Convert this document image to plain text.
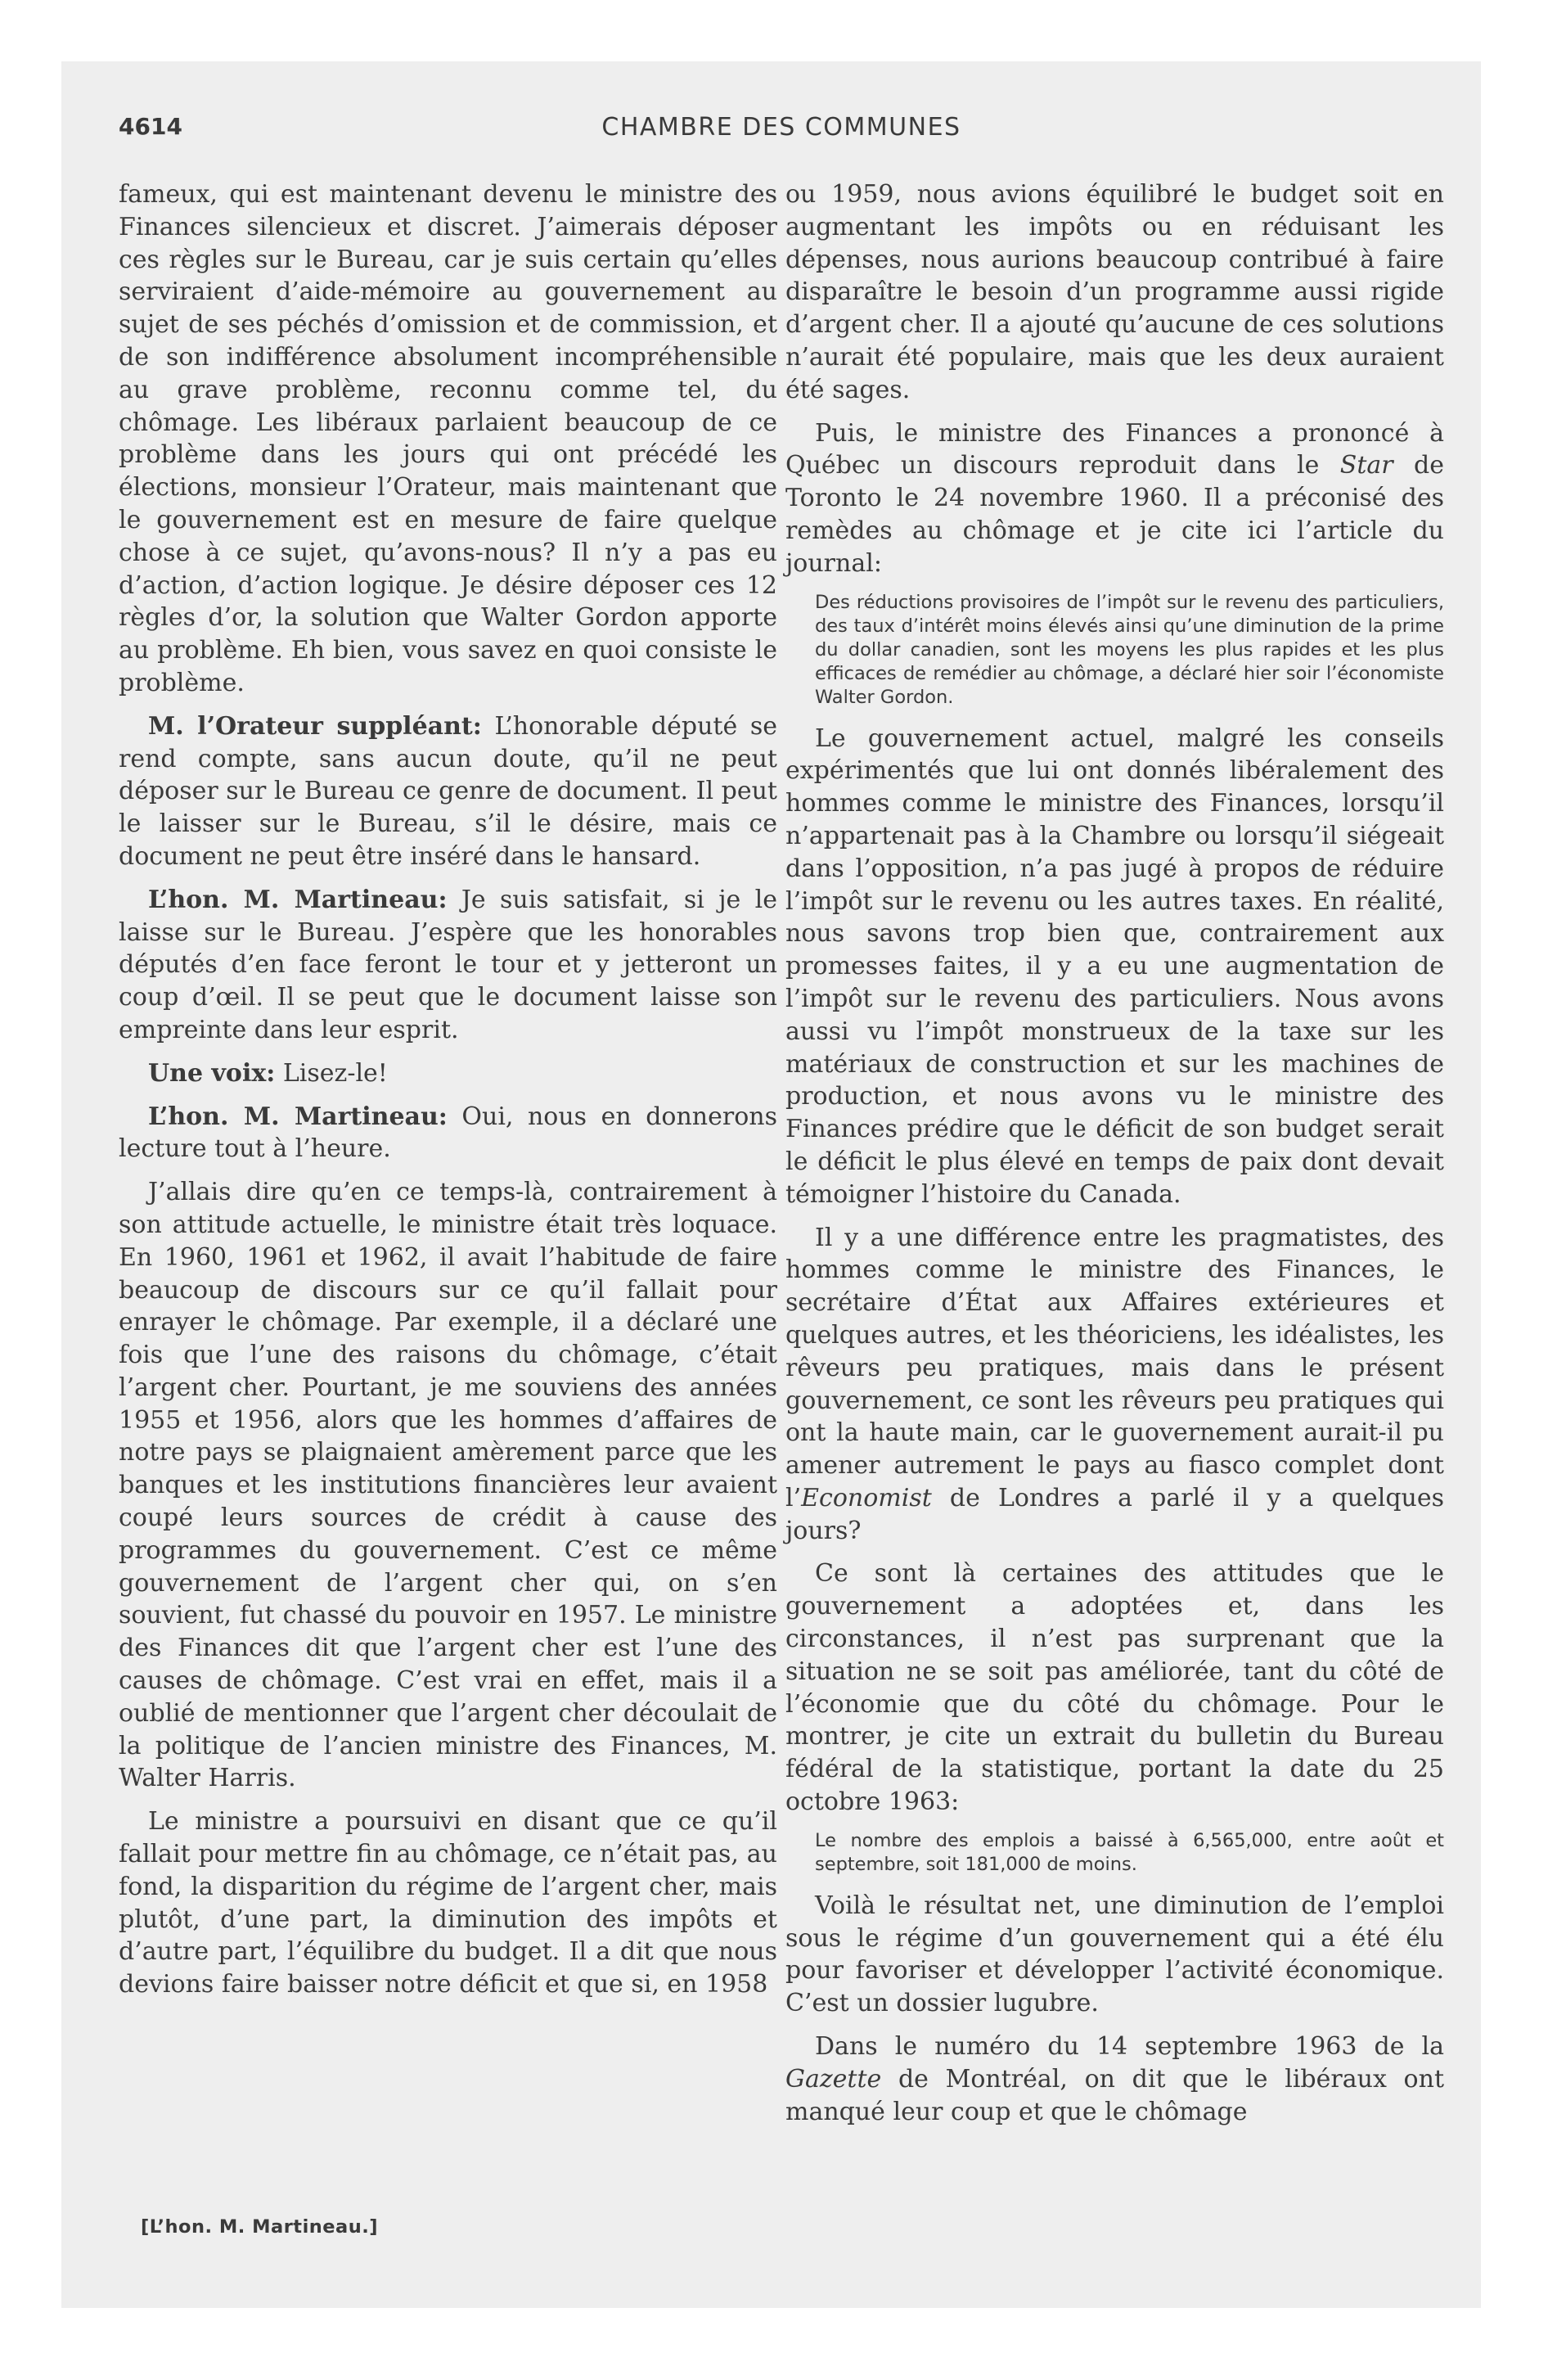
4614	CHAMBRE DES COMMUNES

fameux, qui est maintenant devenu le ministre des Finances silencieux et discret. J’aimerais déposer ces règles sur le Bureau, car je suis certain qu’elles serviraient d’aide-mémoire au gouvernement au sujet de ses péchés d’omission et de commission, et de son indifférence absolument incompréhensible au grave problème, reconnu comme tel, du chômage. Les libéraux parlaient beaucoup de ce problème dans les jours qui ont précédé les élections, monsieur l’Orateur, mais maintenant que le gouvernement est en mesure de faire quelque chose à ce sujet, qu’avons-nous? Il n’y a pas eu d’action, d’action logique. Je désire déposer ces 12 règles d’or, la solution que Walter Gordon apporte au problème. Eh bien, vous savez en quoi consiste le problème.

M. l’Orateur suppléant: L’honorable député se rend compte, sans aucun doute, qu’il ne peut déposer sur le Bureau ce genre de document. Il peut le laisser sur le Bureau, s’il le désire, mais ce document ne peut être inséré dans le hansard.

L’hon. M. Martineau: Je suis satisfait, si je le laisse sur le Bureau. J’espère que les honorables députés d’en face feront le tour et y jetteront un coup d’œil. Il se peut que le document laisse son empreinte dans leur esprit.

Une voix: Lisez-le!

L’hon. M. Martineau: Oui, nous en donnerons lecture tout à l’heure.

J’allais dire qu’en ce temps-là, contrairement à son attitude actuelle, le ministre était très loquace. En 1960, 1961 et 1962, il avait l’habitude de faire beaucoup de discours sur ce qu’il fallait pour enrayer le chômage. Par exemple, il a déclaré une fois que l’une des raisons du chômage, c’était l’argent cher. Pourtant, je me souviens des années 1955 et 1956, alors que les hommes d’affaires de notre pays se plaignaient amèrement parce que les banques et les institutions financières leur avaient coupé leurs sources de crédit à cause des programmes du gouvernement. C’est ce même gouvernement de l’argent cher qui, on s’en souvient, fut chassé du pouvoir en 1957. Le ministre des Finances dit que l’argent cher est l’une des causes de chômage. C’est vrai en effet, mais il a oublié de mentionner que l’argent cher découlait de la politique de l’ancien ministre des Finances, M. Walter Harris.

Le ministre a poursuivi en disant que ce qu’il fallait pour mettre fin au chômage, ce n’était pas, au fond, la disparition du régime de l’argent cher, mais plutôt, d’une part, la diminution des impôts et d’autre part, l’équilibre du budget. Il a dit que nous devions faire baisser notre déficit et que si, en 1958

ou 1959, nous avions équilibré le budget soit en augmentant les impôts ou en réduisant les dépenses, nous aurions beaucoup contribué à faire disparaître le besoin d’un programme aussi rigide d’argent cher. Il a ajouté qu’aucune de ces solutions n’aurait été populaire, mais que les deux auraient été sages.

Puis, le ministre des Finances a prononcé à Québec un discours reproduit dans le Star de Toronto le 24 novembre 1960. Il a préconisé des remèdes au chômage et je cite ici l’article du journal:

Des réductions provisoires de l’impôt sur le revenu des particuliers, des taux d’intérêt moins élevés ainsi qu’une diminution de la prime du dollar canadien, sont les moyens les plus rapides et les plus efficaces de remédier au chômage, a déclaré hier soir l’économiste Walter Gordon.

Le gouvernement actuel, malgré les conseils expérimentés que lui ont donnés libéralement des hommes comme le ministre des Finances, lorsqu’il n’appartenait pas à la Chambre ou lorsqu’il siégeait dans l’opposition, n’a pas jugé à propos de réduire l’impôt sur le revenu ou les autres taxes. En réalité, nous savons trop bien que, contrairement aux promesses faites, il y a eu une augmentation de l’impôt sur le revenu des particuliers. Nous avons aussi vu l’impôt monstrueux de la taxe sur les matériaux de construction et sur les machines de production, et nous avons vu le ministre des Finances prédire que le déficit de son budget serait le déficit le plus élevé en temps de paix dont devait témoigner l’histoire du Canada.

Il y a une différence entre les pragmatistes, des hommes comme le ministre des Finances, le secrétaire d’État aux Affaires extérieures et quelques autres, et les théoriciens, les idéalistes, les rêveurs peu pratiques, mais dans le présent gouvernement, ce sont les rêveurs peu pratiques qui ont la haute main, car le guovernement aurait-il pu amener autrement le pays au fiasco complet dont l’Economist de Londres a parlé il y a quelques jours?

Ce sont là certaines des attitudes que le gouvernement a adoptées et, dans les circonstances, il n’est pas surprenant que la situation ne se soit pas améliorée, tant du côté de l’économie que du côté du chômage. Pour le montrer, je cite un extrait du bulletin du Bureau fédéral de la statistique, portant la date du 25 octobre 1963:

Le nombre des emplois a baissé à 6,565,000, entre août et septembre, soit 181,000 de moins.

Voilà le résultat net, une diminution de l’emploi sous le régime d’un gouvernement qui a été élu pour favoriser et développer l’activité économique. C’est un dossier lugubre.

Dans le numéro du 14 septembre 1963 de la Gazette de Montréal, on dit que le libéraux ont manqué leur coup et que le chômage

[L’hon. M. Martineau.]
